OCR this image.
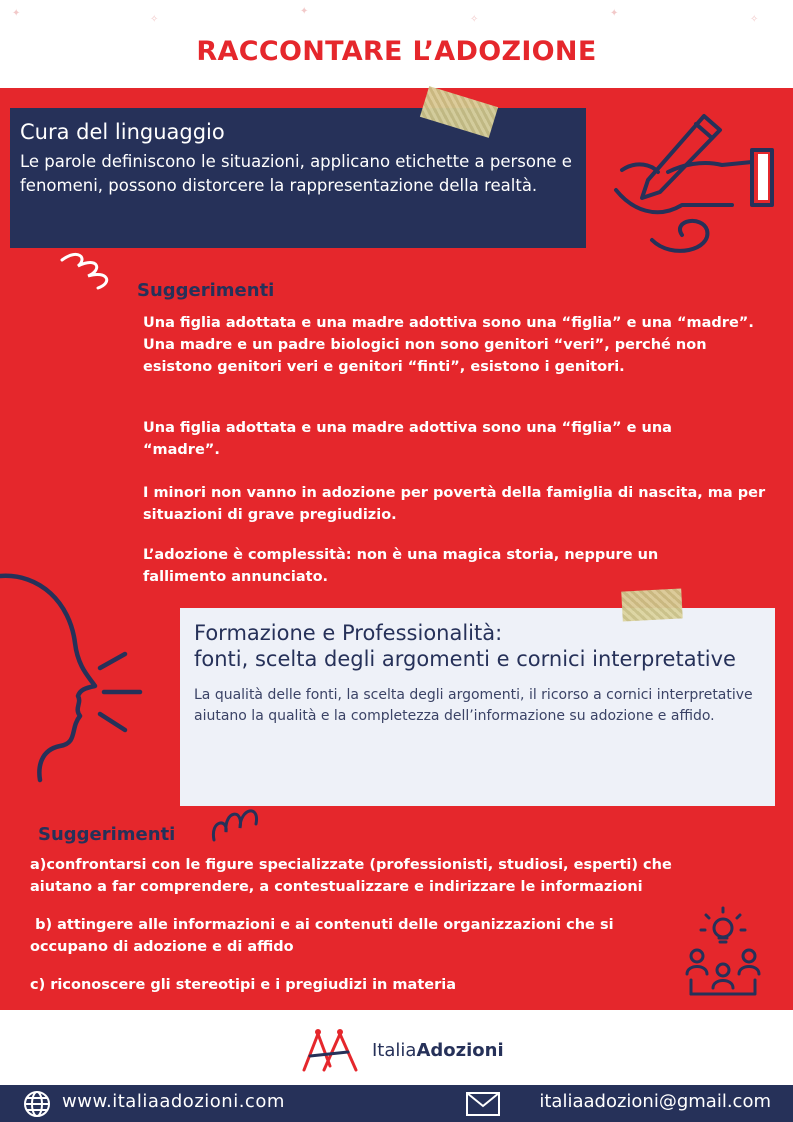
✦
✧
✦
✧
✦
✧
RACCONTARE L’ADOZIONE
Cura del linguaggio

Le parole definiscono le situazioni, applicano etichette a persone e fenomeni, possono distorcere la rappresentazione della realtà.

Suggerimenti
Una figlia adottata e una madre adottiva sono una “figlia” e una “madre”. Una madre e un padre biologici non sono genitori “veri”, perché non esistono genitori veri e genitori “finti”, esistono i genitori.
Una figlia adottata e una madre adottiva sono una “figlia” e una “madre”.
I minori non vanno in adozione per povertà della famiglia di nascita, ma per situazioni di grave pregiudizio.
L’adozione è complessità: non è una magica storia, neppure un fallimento annunciato.
Formazione e Professionalità:

fonti, scelta degli argomenti e cornici interpretative

La qualità delle fonti, la scelta degli argomenti, il ricorso a cornici interpretative aiutano la qualità e la completezza dell’informazione su adozione e affido.

Suggerimenti
a)confrontarsi con le figure specializzate (professionisti, studiosi, esperti) che aiutano a far comprendere, a contestualizzare e indirizzare le informazioni
b) attingere alle informazioni e ai contenuti delle organizzazioni che si occupano di adozione e di affido
c) riconoscere gli stereotipi e i pregiudizi in materia
ItaliaAdozioni
www.italiaadozioni.com	italiaadozioni@gmail.com
